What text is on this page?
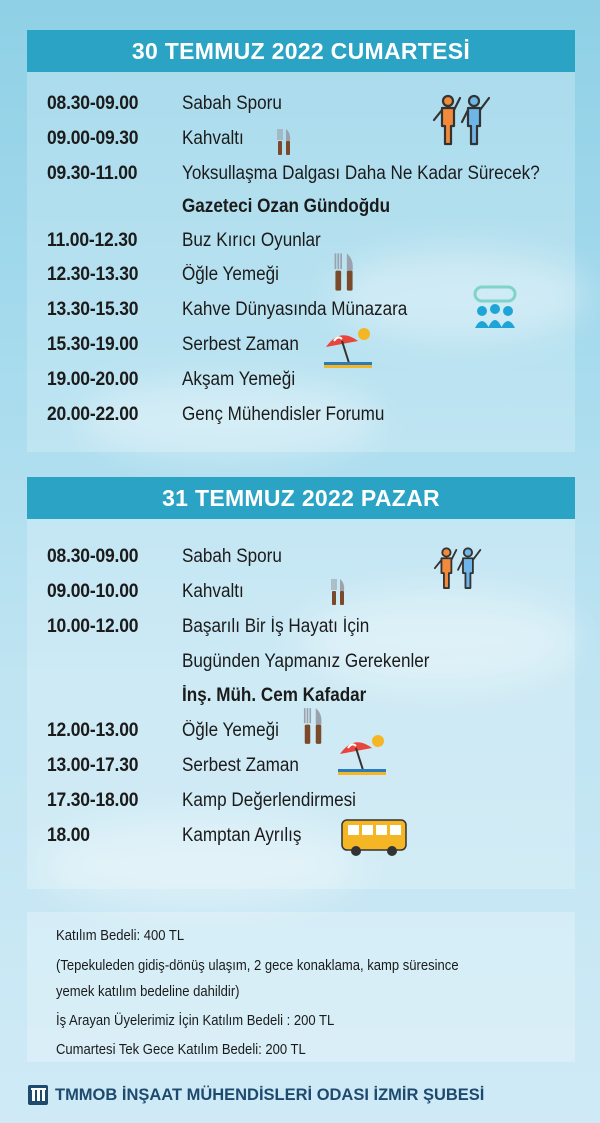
30 TEMMUZ 2022 CUMARTESİ
08.30-09.00	Sabah Sporu
09.00-09.30	Kahvaltı
09.30-11.00	Yoksullaşma Dalgası Daha Ne Kadar Sürecek?
Gazeteci Ozan Gündoğdu
11.00-12.30	Buz Kırıcı Oyunlar
12.30-13.30	Öğle Yemeği
13.30-15.30	Kahve Dünyasında Münazara
15.30-19.00	Serbest Zaman
19.00-20.00	Akşam Yemeği
20.00-22.00	Genç Mühendisler Forumu
31 TEMMUZ 2022 PAZAR
08.30-09.00	Sabah Sporu
09.00-10.00	Kahvaltı
10.00-12.00	Başarılı Bir İş Hayatı İçin
Bugünden Yapmanız Gerekenler
İnş. Müh. Cem Kafadar
12.00-13.00	Öğle Yemeği
13.00-17.30	Serbest Zaman
17.30-18.00	Kamp Değerlendirmesi
18.00	Kamptan Ayrılış
Katılım Bedeli: 400 TL
(Tepekuleden gidiş-dönüş ulaşım, 2 gece konaklama, kamp süresince
yemek katılım bedeline dahildir)
İş Arayan Üyelerimiz İçin Katılım Bedeli : 200 TL
Cumartesi Tek Gece Katılım Bedeli: 200 TL
TMMOB İNŞAAT MÜHENDİSLERİ ODASI İZMİR ŞUBESİ
